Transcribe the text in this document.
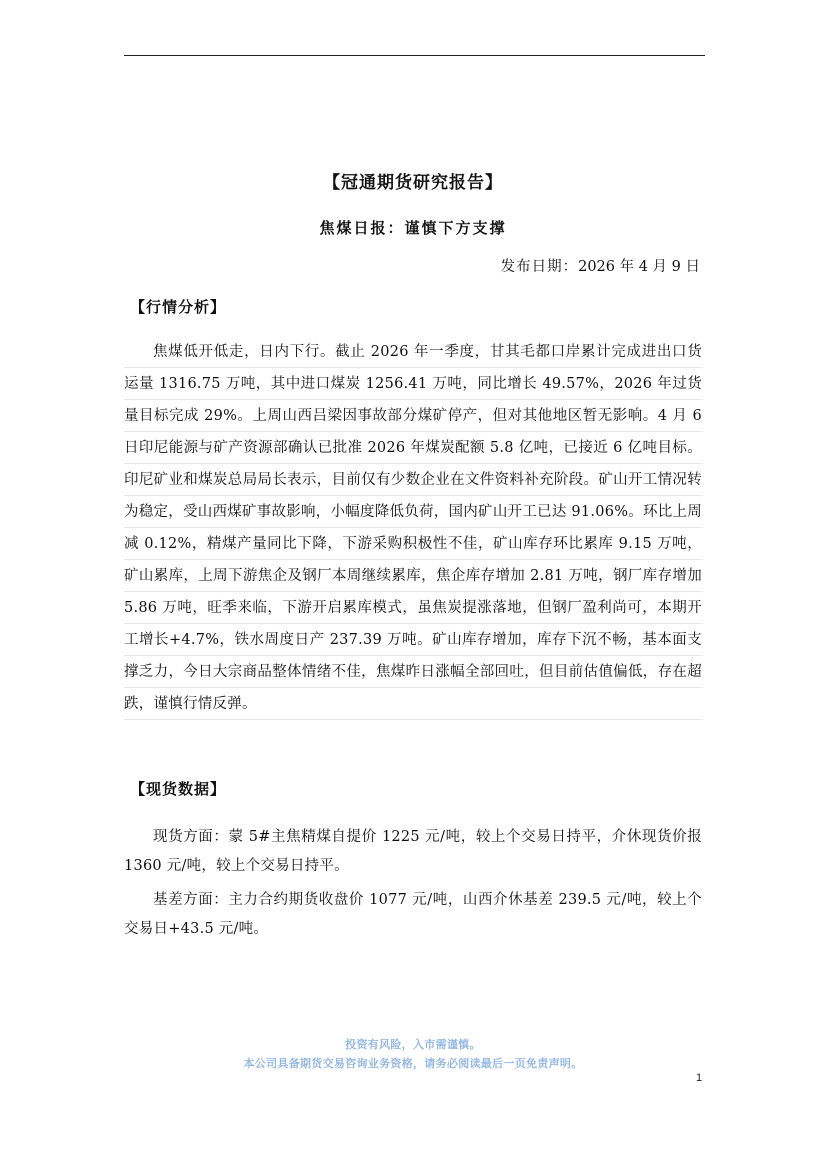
【冠通期货研究报告】
焦煤日报：谨慎下方支撑
发布日期：2026 年 4 月 9 日
【行情分析】
焦煤低开低走，日内下行。截止 2026 年一季度，甘其毛都口岸累计完成进出口货运量 1316.75 万吨，其中进口煤炭 1256.41 万吨，同比增长 49.57%，2026 年过货量目标完成 29%。上周山西吕梁因事故部分煤矿停产，但对其他地区暂无影响。4 月 6 日印尼能源与矿产资源部确认已批准 2026 年煤炭配额 5.8 亿吨，已接近 6 亿吨目标。印尼矿业和煤炭总局局长表示，目前仅有少数企业在文件资料补充阶段。矿山开工情况转为稳定，受山西煤矿事故影响，小幅度降低负荷，国内矿山开工已达 91.06%。环比上周减 0.12%，精煤产量同比下降，下游采购积极性不佳，矿山库存环比累库 9.15 万吨，矿山累库，上周下游焦企及钢厂本周继续累库，焦企库存增加 2.81 万吨，钢厂库存增加 5.86 万吨，旺季来临，下游开启累库模式，虽焦炭提涨落地，但钢厂盈利尚可，本期开工增长+4.7%，铁水周度日产 237.39 万吨。矿山库存增加，库存下沉不畅，基本面支撑乏力，今日大宗商品整体情绪不佳，焦煤昨日涨幅全部回吐，但目前估值偏低，存在超跌，谨慎行情反弹。
【现货数据】
现货方面：蒙 5#主焦精煤自提价 1225 元/吨，较上个交易日持平，介休现货价报 1360 元/吨，较上个交易日持平。
基差方面：主力合约期货收盘价 1077 元/吨，山西介休基差 239.5 元/吨，较上个交易日+43.5 元/吨。
投资有风险，入市需谨慎。
本公司具备期货交易咨询业务资格，请务必阅读最后一页免责声明。
1
